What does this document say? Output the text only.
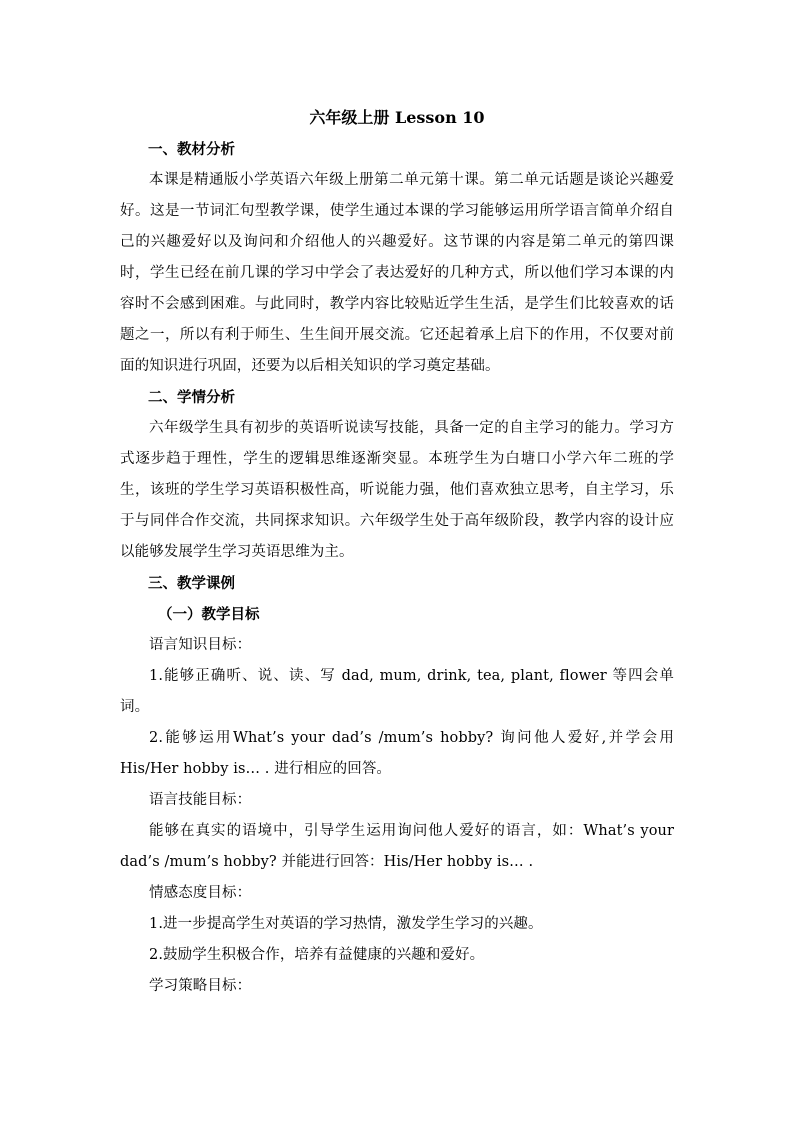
六年级上册 Lesson 10
一、教材分析

本课是精通版小学英语六年级上册第二单元第十课。第二单元话题是谈论兴趣爱好。这是一节词汇句型教学课，使学生通过本课的学习能够运用所学语言简单介绍自己的兴趣爱好以及询问和介绍他人的兴趣爱好。这节课的内容是第二单元的第四课时，学生已经在前几课的学习中学会了表达爱好的几种方式，所以他们学习本课的内容时不会感到困难。与此同时，教学内容比较贴近学生生活，是学生们比较喜欢的话题之一，所以有利于师生、生生间开展交流。它还起着承上启下的作用，不仅要对前面的知识进行巩固，还要为以后相关知识的学习奠定基础。

二、学情分析

六年级学生具有初步的英语听说读写技能，具备一定的自主学习的能力。学习方式逐步趋于理性，学生的逻辑思维逐渐突显。本班学生为白塘口小学六年二班的学生，该班的学生学习英语积极性高，听说能力强，他们喜欢独立思考，自主学习，乐于与同伴合作交流，共同探求知识。六年级学生处于高年级阶段，教学内容的设计应以能够发展学生学习英语思维为主。

三、教学课例
（一）教学目标

语言知识目标：

1.能够正确听、说、读、写 dad, mum, drink, tea, plant, flower 等四会单词。

2.能够运用What’s your dad’s /mum’s hobby? 询问他人爱好,并学会用His/Her hobby is… . 进行相应的回答。

语言技能目标：

能够在真实的语境中，引导学生运用询问他人爱好的语言，如：What’s your dad’s /mum’s hobby? 并能进行回答：His/Her hobby is… .

情感态度目标：

1.进一步提高学生对英语的学习热情，激发学生学习的兴趣。

2.鼓励学生积极合作，培养有益健康的兴趣和爱好。

学习策略目标：
